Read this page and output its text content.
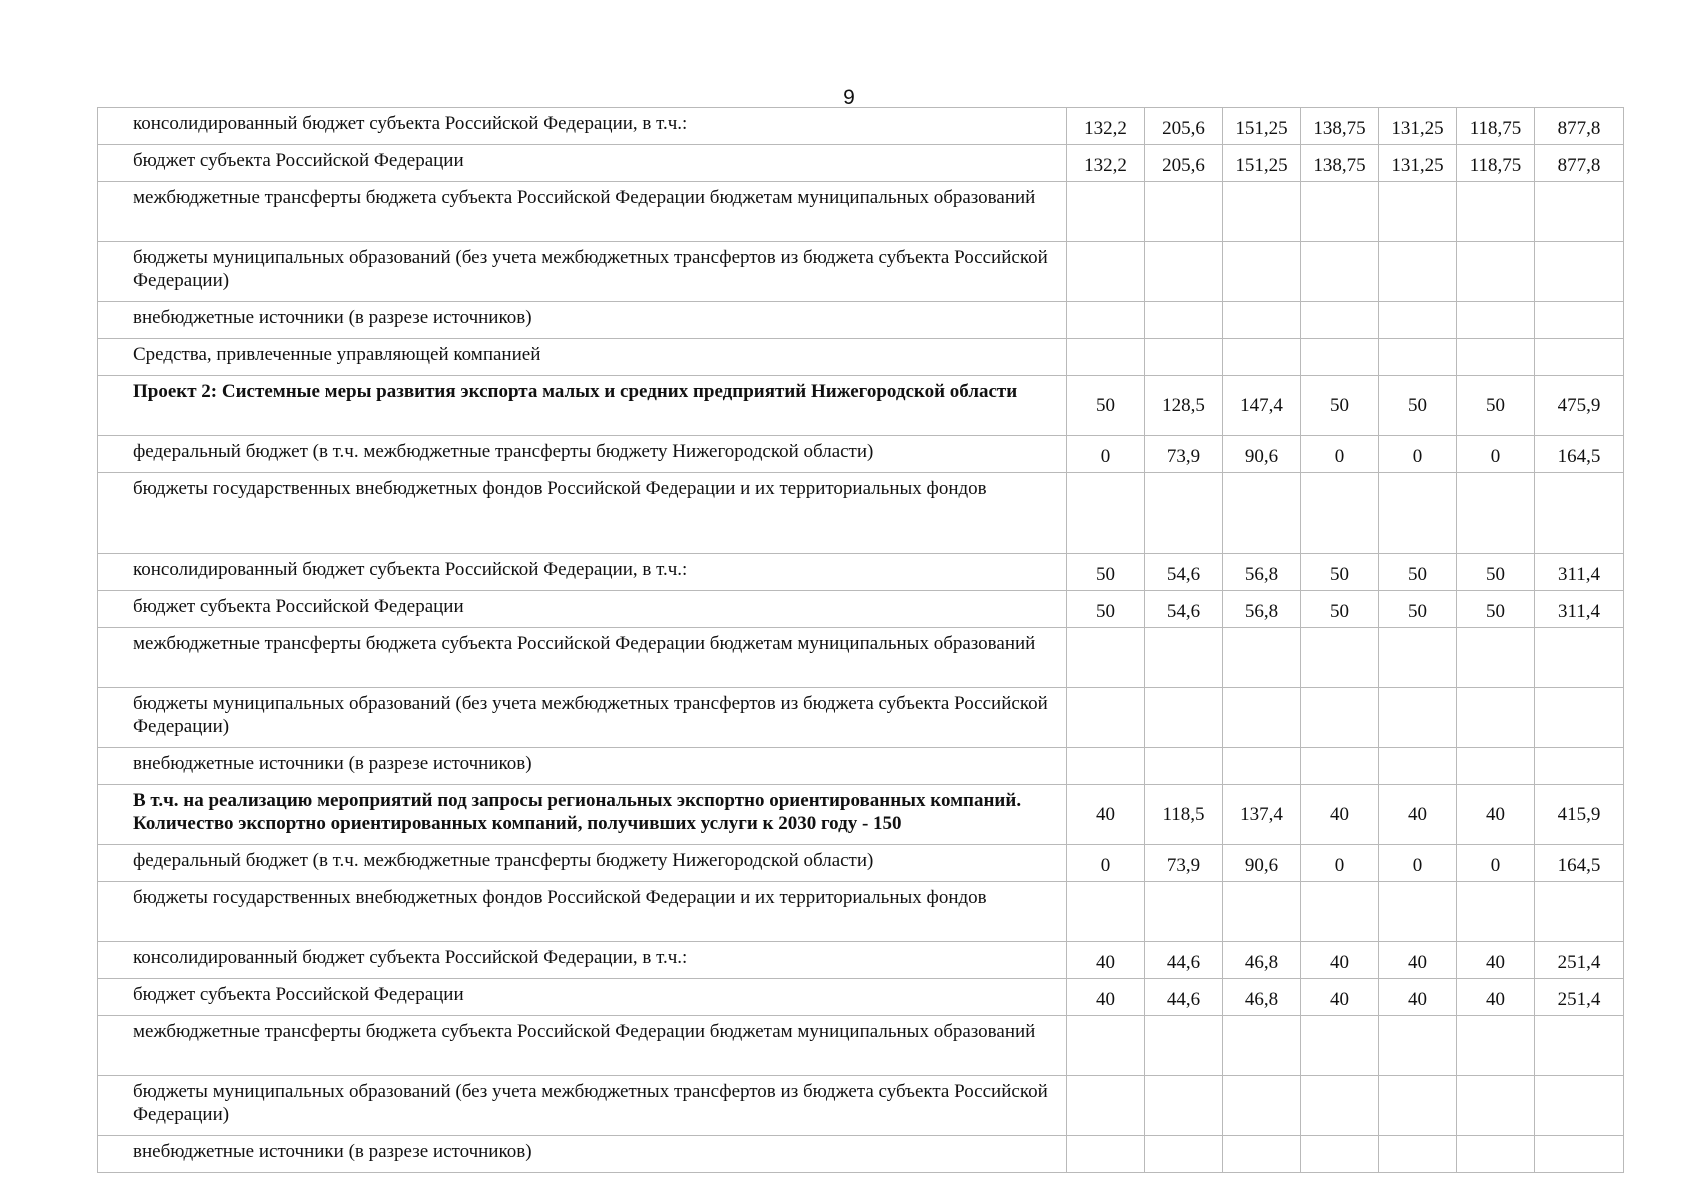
9
консолидированный бюджет субъекта Российской Федерации, в т.ч.:	132,2	205,6	151,25	138,75	131,25	118,75	877,8
бюджет субъекта Российской Федерации	132,2	205,6	151,25	138,75	131,25	118,75	877,8
межбюджетные трансферты бюджета субъекта Российской Федерации бюджетам муниципальных образований							
бюджеты муниципальных образований (без учета межбюджетных трансфертов из бюджета субъекта Российской Федерации)							
внебюджетные источники (в разрезе источников)							
Средства, привлеченные управляющей компанией							
Проект 2: Системные меры развития экспорта малых и средних предприятий Нижегородской области	50	128,5	147,4	50	50	50	475,9
федеральный бюджет (в т.ч. межбюджетные трансферты бюджету Нижегородской области)	0	73,9	90,6	0	0	0	164,5
бюджеты государственных внебюджетных фондов Российской Федерации и их территориальных фондов							
консолидированный бюджет субъекта Российской Федерации, в т.ч.:	50	54,6	56,8	50	50	50	311,4
бюджет субъекта Российской Федерации	50	54,6	56,8	50	50	50	311,4
межбюджетные трансферты бюджета субъекта Российской Федерации бюджетам муниципальных образований							
бюджеты муниципальных образований (без учета межбюджетных трансфертов из бюджета субъекта Российской Федерации)							
внебюджетные источники (в разрезе источников)							
В т.ч. на реализацию мероприятий под запросы региональных экспортно ориентированных компаний. Количество экспортно ориентированных компаний, получивших услуги к 2030 году - 150	40	118,5	137,4	40	40	40	415,9
федеральный бюджет (в т.ч. межбюджетные трансферты бюджету Нижегородской области)	0	73,9	90,6	0	0	0	164,5
бюджеты государственных внебюджетных фондов Российской Федерации и их территориальных фондов							
консолидированный бюджет субъекта Российской Федерации, в т.ч.:	40	44,6	46,8	40	40	40	251,4
бюджет субъекта Российской Федерации	40	44,6	46,8	40	40	40	251,4
межбюджетные трансферты бюджета субъекта Российской Федерации бюджетам муниципальных образований							
бюджеты муниципальных образований (без учета межбюджетных трансфертов из бюджета субъекта Российской Федерации)							
внебюджетные источники (в разрезе источников)							
